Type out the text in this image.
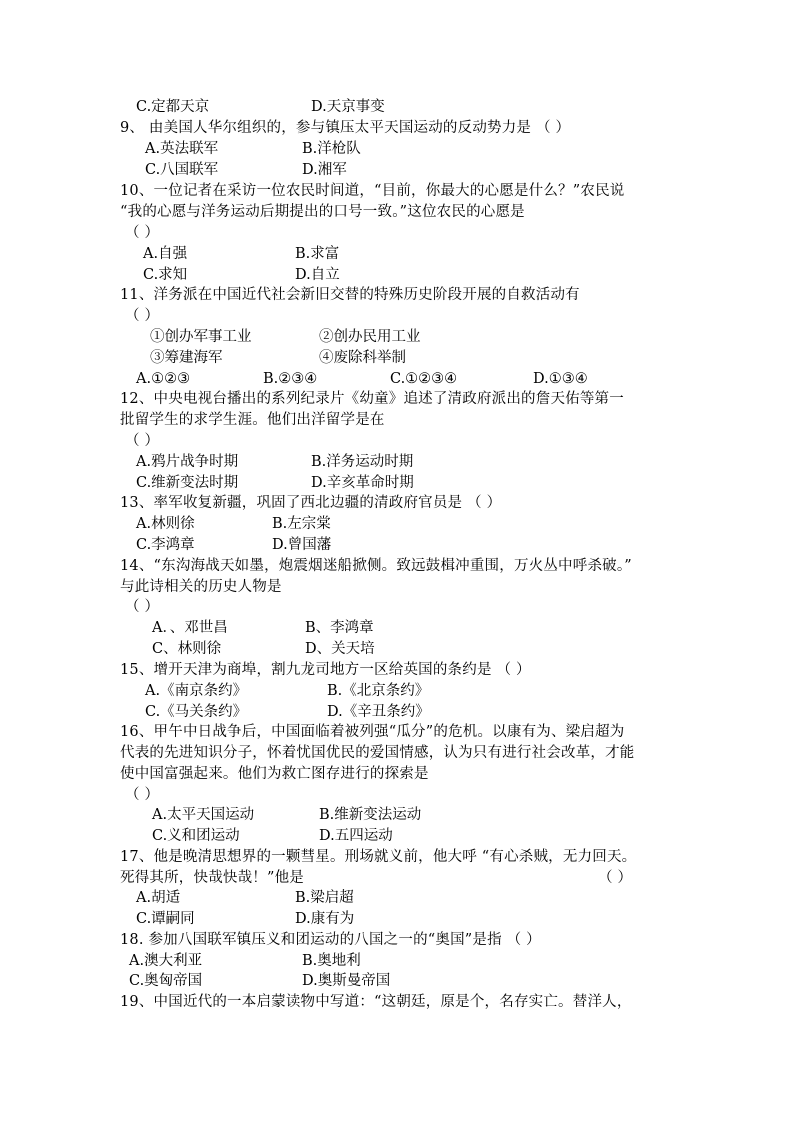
C.定都天京	D.天京事变
9、 由美国人华尔组织的，参与镇压太平天国运动的反动势力是 （ ）
A.英法联军	B.洋枪队
C.八国联军	D.湘军
10、一位记者在采访一位农民时间道，“目前，你最大的心愿是什么？”农民说
“我的心愿与洋务运动后期提出的口号一致。”这位农民的心愿是
（ ）
A.自强	B.求富
C.求知	D.自立
11、洋务派在中国近代社会新旧交替的特殊历史阶段开展的自救活动有
（ ）
①创办军事工业	②创办民用工业
③筹建海军	④废除科举制
A.①②③	B.②③④	C.①②③④	D.①③④
12、中央电视台播出的系列纪录片《幼童》追述了清政府派出的詹天佑等第一
批留学生的求学生涯。他们出洋留学是在
（ ）
A.鸦片战争时期	B.洋务运动时期
C.维新变法时期	D.辛亥革命时期
13、率军收复新疆，巩固了西北边疆的清政府官员是 （ ）
A.林则徐	B.左宗棠
C.李鸿章	D.曾国藩
14、“东沟海战天如墨，炮震烟迷船掀侧。致远鼓楫冲重围，万火丛中呼杀破。”
与此诗相关的历史人物是
（ ）
A．、邓世昌	B、李鸿章
C、林则徐	D、关天培
15、增开天津为商埠，割九龙司地方一区给英国的条约是 （ ）
A.《南京条约》	B.《北京条约》
C.《马关条约》	D.《辛丑条约》
16、甲午中日战争后，中国面临着被列强“瓜分”的危机。以康有为、梁启超为
代表的先进知识分子，怀着忧国优民的爱国情感，认为只有进行社会改革，才能
使中国富强起来。他们为救亡图存进行的探索是
（ ）
A.太平天国运动	B.维新变法运动
C.义和团运动	D.五四运动
17、他是晚清思想界的一颗彗星。刑场就义前，他大呼 “有心杀贼，无力回天。
死得其所，快哉快哉！”他是	（ ）
A.胡适	B.梁启超
C.谭嗣同	D.康有为
18. 参加八国联军镇压义和团运动的八国之一的“奥国”是指 （ ）
A.澳大利亚	B.奥地利
C.奥匈帝国	D.奥斯曼帝国
19、中国近代的一本启蒙读物中写道：“这朝廷，原是个，名存实亡。替洋人，
